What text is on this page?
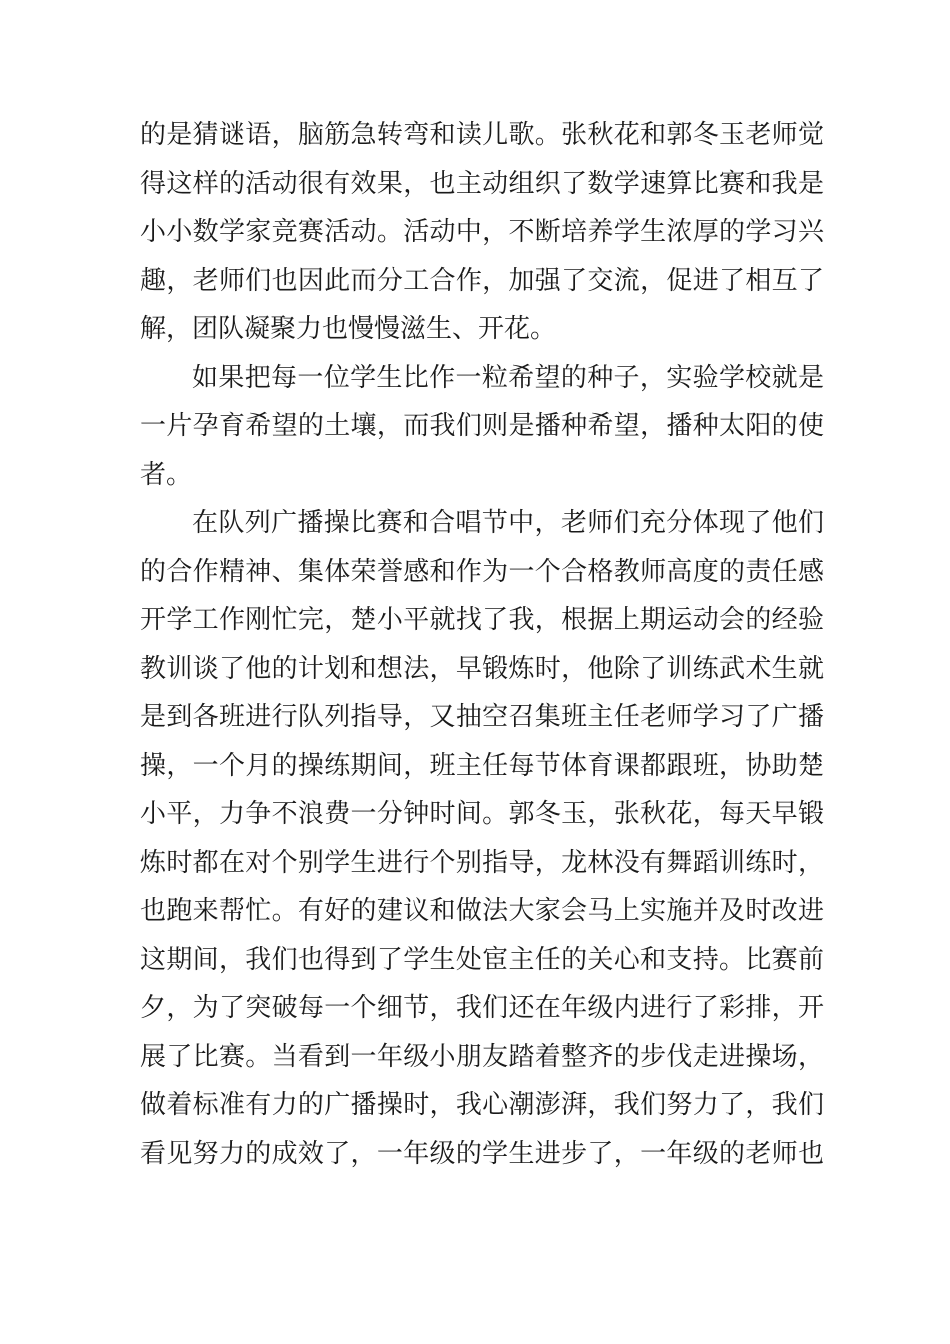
的是猜谜语，脑筋急转弯和读儿歌。张秋花和郭冬玉老师觉
得这样的活动很有效果，也主动组织了数学速算比赛和我是
小小数学家竞赛活动。活动中，不断培养学生浓厚的学习兴
趣，老师们也因此而分工合作，加强了交流，促进了相互了
解，团队凝聚力也慢慢滋生、开花。
如果把每一位学生比作一粒希望的种子，实验学校就是
一片孕育希望的土壤，而我们则是播种希望，播种太阳的使
者。
在队列广播操比赛和合唱节中，老师们充分体现了他们
的合作精神、集体荣誉感和作为一个合格教师高度的责任感
开学工作刚忙完，楚小平就找了我，根据上期运动会的经验
教训谈了他的计划和想法，早锻炼时，他除了训练武术生就
是到各班进行队列指导，又抽空召集班主任老师学习了广播
操，一个月的操练期间，班主任每节体育课都跟班，协助楚
小平，力争不浪费一分钟时间。郭冬玉，张秋花，每天早锻
炼时都在对个别学生进行个别指导，龙林没有舞蹈训练时，
也跑来帮忙。有好的建议和做法大家会马上实施并及时改进
这期间，我们也得到了学生处宦主任的关心和支持。比赛前
夕，为了突破每一个细节，我们还在年级内进行了彩排，开
展了比赛。当看到一年级小朋友踏着整齐的步伐走进操场，
做着标准有力的广播操时，我心潮澎湃，我们努力了，我们
看见努力的成效了，一年级的学生进步了，一年级的老师也
